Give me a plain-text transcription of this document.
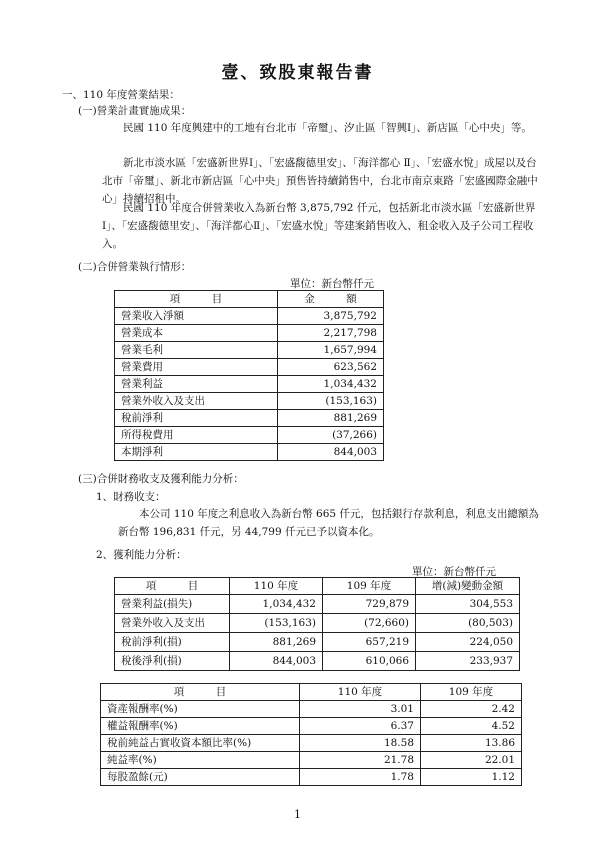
壹、致股東報告書
一、110 年度營業結果：
(一)營業計畫實施成果：
民國 110 年度興建中的工地有台北市「帝璽」、汐止區「智興Ⅰ」、新店區「心中央」等。
新北市淡水區「宏盛新世界Ⅰ」、「宏盛馥德里安」、「海洋都心 Ⅱ」、「宏盛水悅」成屋以及台北市「帝璽」、新北市新店區「心中央」預售皆持續銷售中，台北市南京東路「宏盛國際金融中心」持續招租中。
民國 110 年度合併營業收入為新台幣 3,875,792 仟元，包括新北市淡水區「宏盛新世界Ⅰ」、「宏盛馥德里安」、「海洋都心Ⅱ」、「宏盛水悅」等建案銷售收入、租金收入及子公司工程收入。
(二)合併營業執行情形：
單位：新台幣仟元
項　　　目	金　　　額
營業收入淨額	3,875,792
營業成本	2,217,798
營業毛利	1,657,994
營業費用	623,562
營業利益	1,034,432
營業外收入及支出	(153,163)
稅前淨利	881,269
所得稅費用	(37,266)
本期淨利	844,003
(三)合併財務收支及獲利能力分析：
1、財務收支：
本公司 110 年度之利息收入為新台幣 665 仟元，包括銀行存款利息，利息支出總額為新台幣 196,831 仟元，另 44,799 仟元已予以資本化。
2、獲利能力分析：
單位：新台幣仟元
項　　　目	110 年度	109 年度	增(減)變動金額
營業利益(損失)	1,034,432	729,879	304,553
營業外收入及支出	(153,163)	(72,660)	(80,503)
稅前淨利(損)	881,269	657,219	224,050
稅後淨利(損)	844,003	610,066	233,937
項　　　目	110 年度	109 年度
資產報酬率(%)	3.01	2.42
權益報酬率(%)	6.37	4.52
稅前純益占實收資本額比率(%)	18.58	13.86
純益率(%)	21.78	22.01
每股盈餘(元)	1.78	1.12
1
